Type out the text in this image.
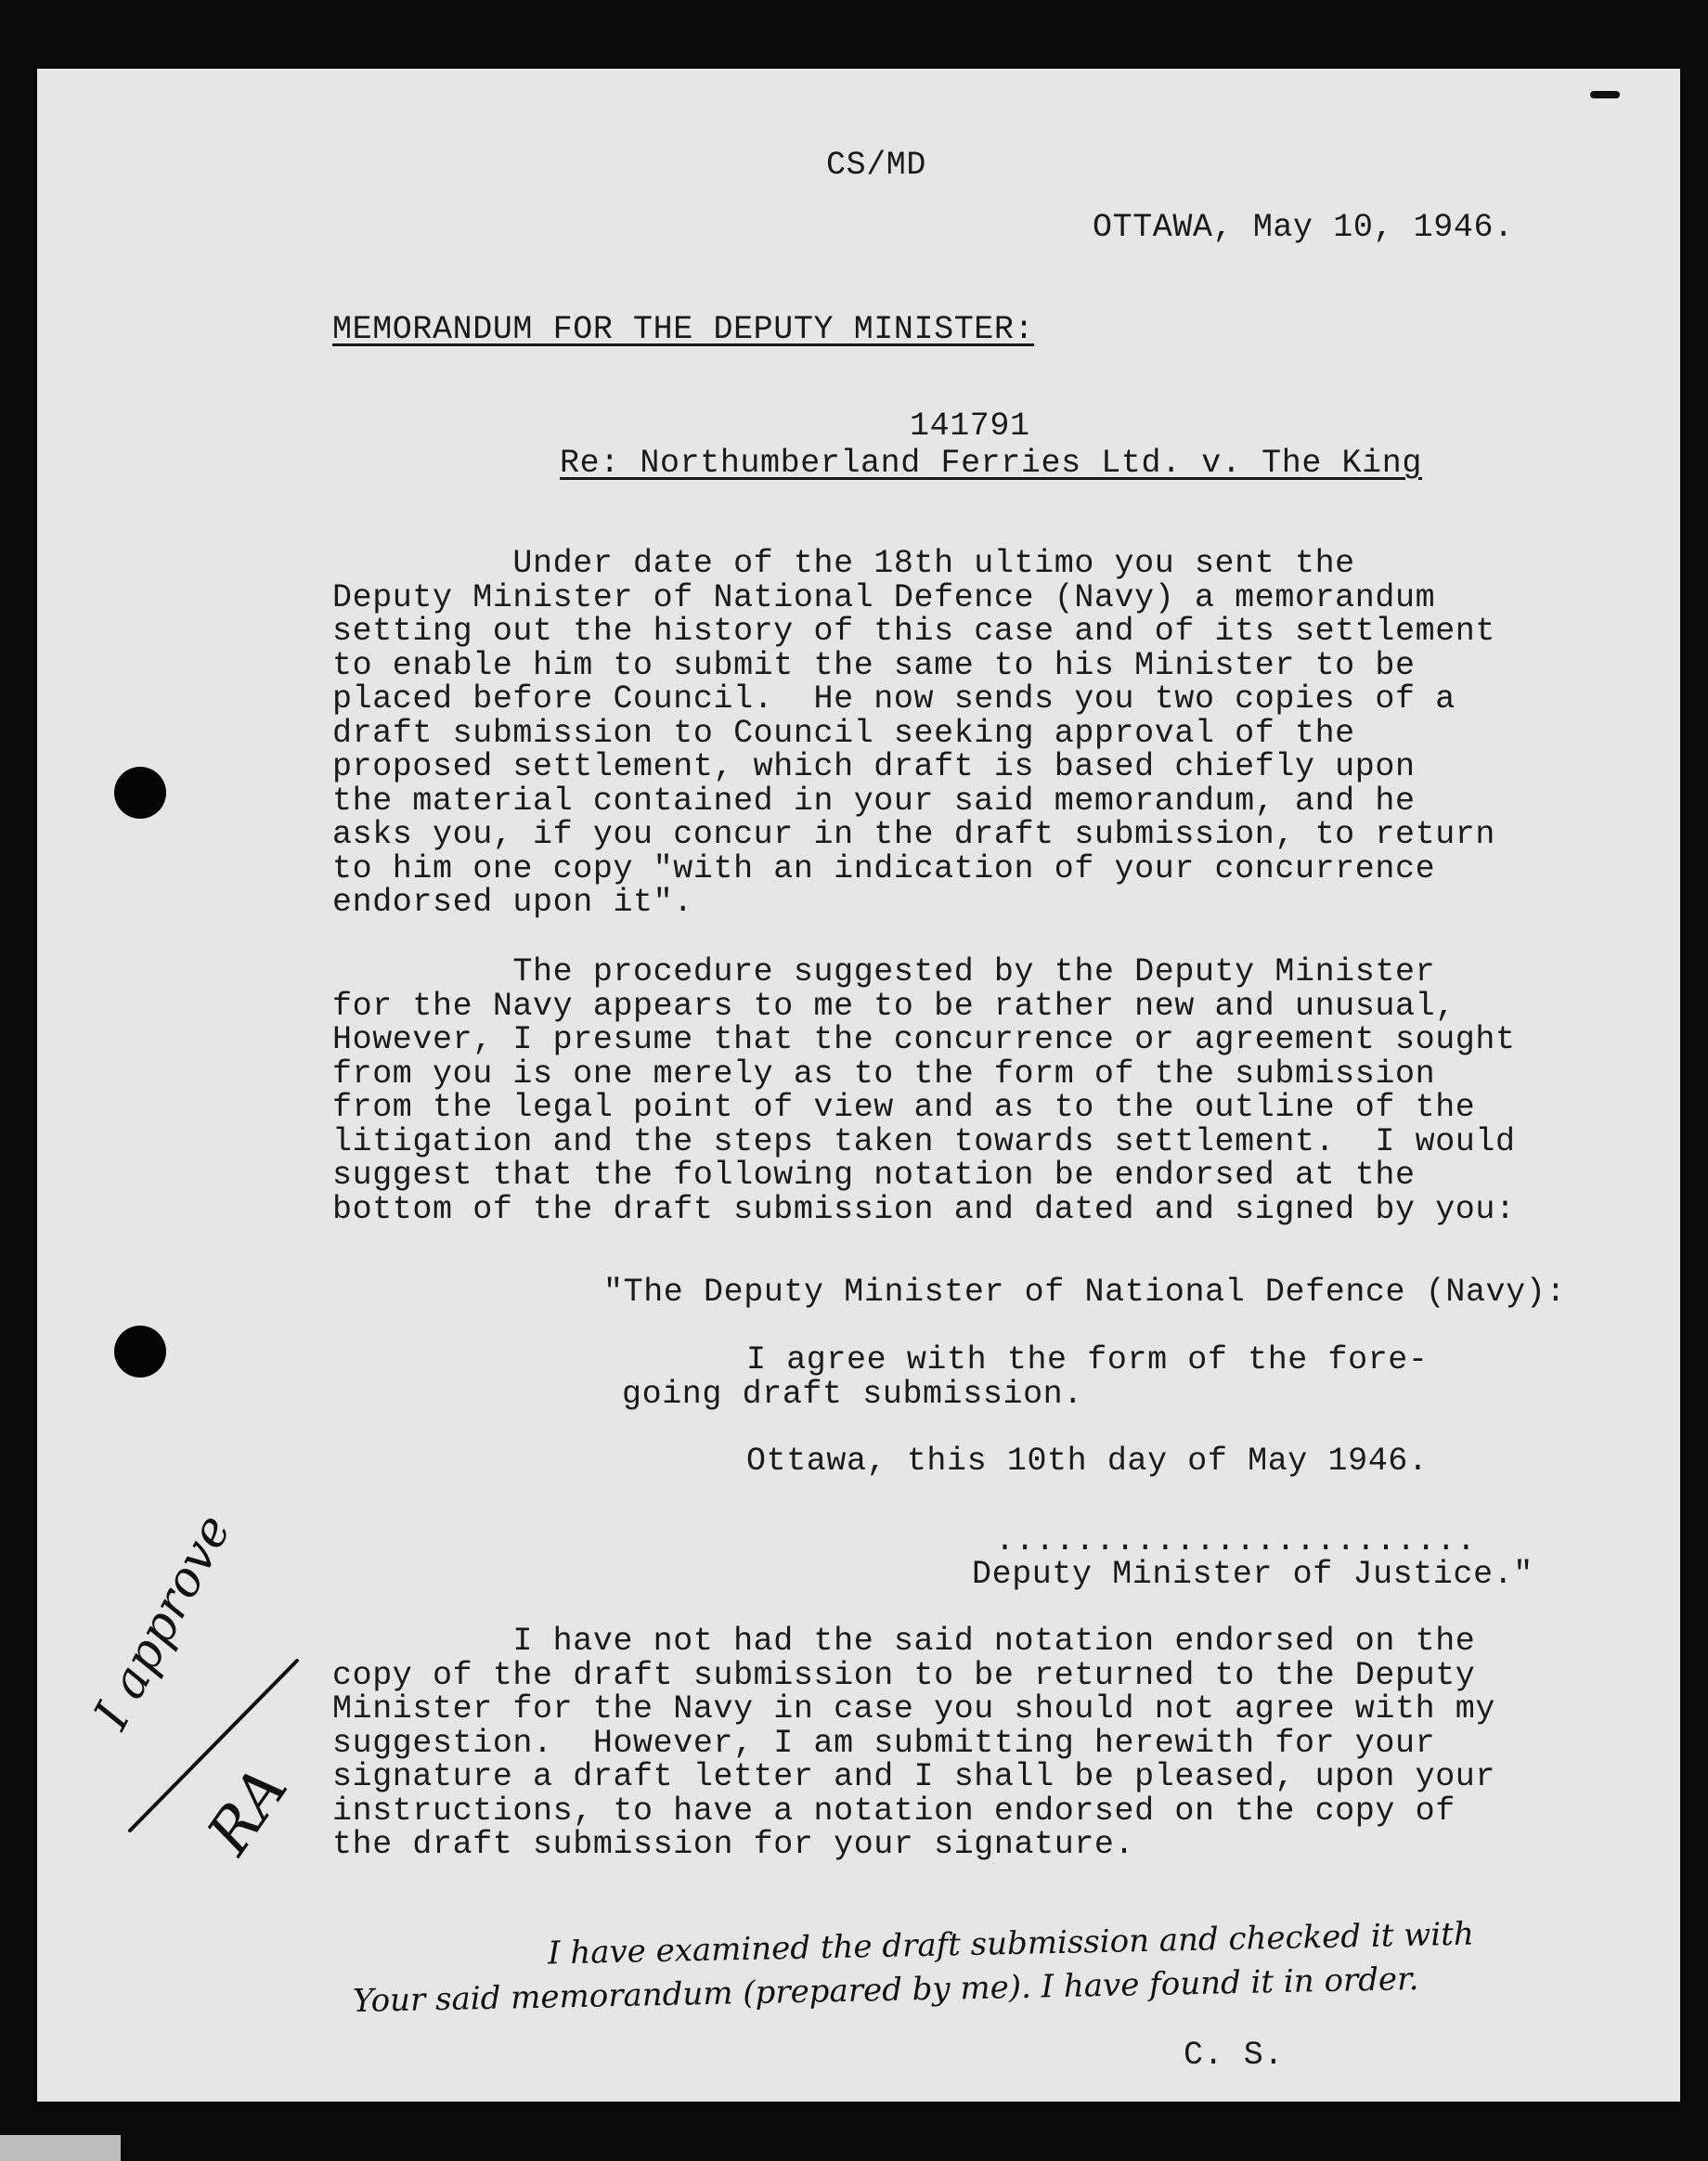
CS/MD

OTTAWA, May 10, 1946.

MEMORANDUM FOR THE DEPUTY MINISTER:

141791

Re: Northumberland Ferries Ltd. v. The King

Under date of the 18th ultimo you sent the

Deputy Minister of National Defence (Navy) a memorandum

setting out the history of this case and of its settlement

to enable him to submit the same to his Minister to be

placed before Council.  He now sends you two copies of a

draft submission to Council seeking approval of the

proposed settlement, which draft is based chiefly upon

the material contained in your said memorandum, and he

asks you, if you concur in the draft submission, to return

to him one copy "with an indication of your concurrence

endorsed upon it".

The procedure suggested by the Deputy Minister

for the Navy appears to me to be rather new and unusual,

However, I presume that the concurrence or agreement sought

from you is one merely as to the form of the submission

from the legal point of view and as to the outline of the

litigation and the steps taken towards settlement.  I would

suggest that the following notation be endorsed at the

bottom of the draft submission and dated and signed by you:

"The Deputy Minister of National Defence (Navy):

I agree with the form of the fore-

going draft submission.

Ottawa, this 10th day of May 1946.

........................

Deputy Minister of Justice."

I have not had the said notation endorsed on the

copy of the draft submission to be returned to the Deputy

Minister for the Navy in case you should not agree with my

suggestion.  However, I am submitting herewith for your

signature a draft letter and I shall be pleased, upon your

instructions, to have a notation endorsed on the copy of

the draft submission for your signature.

I have examined the draft submission and checked it with
Your said memorandum (prepared by me). I have found it in order.

C. S.

I approve
RA
